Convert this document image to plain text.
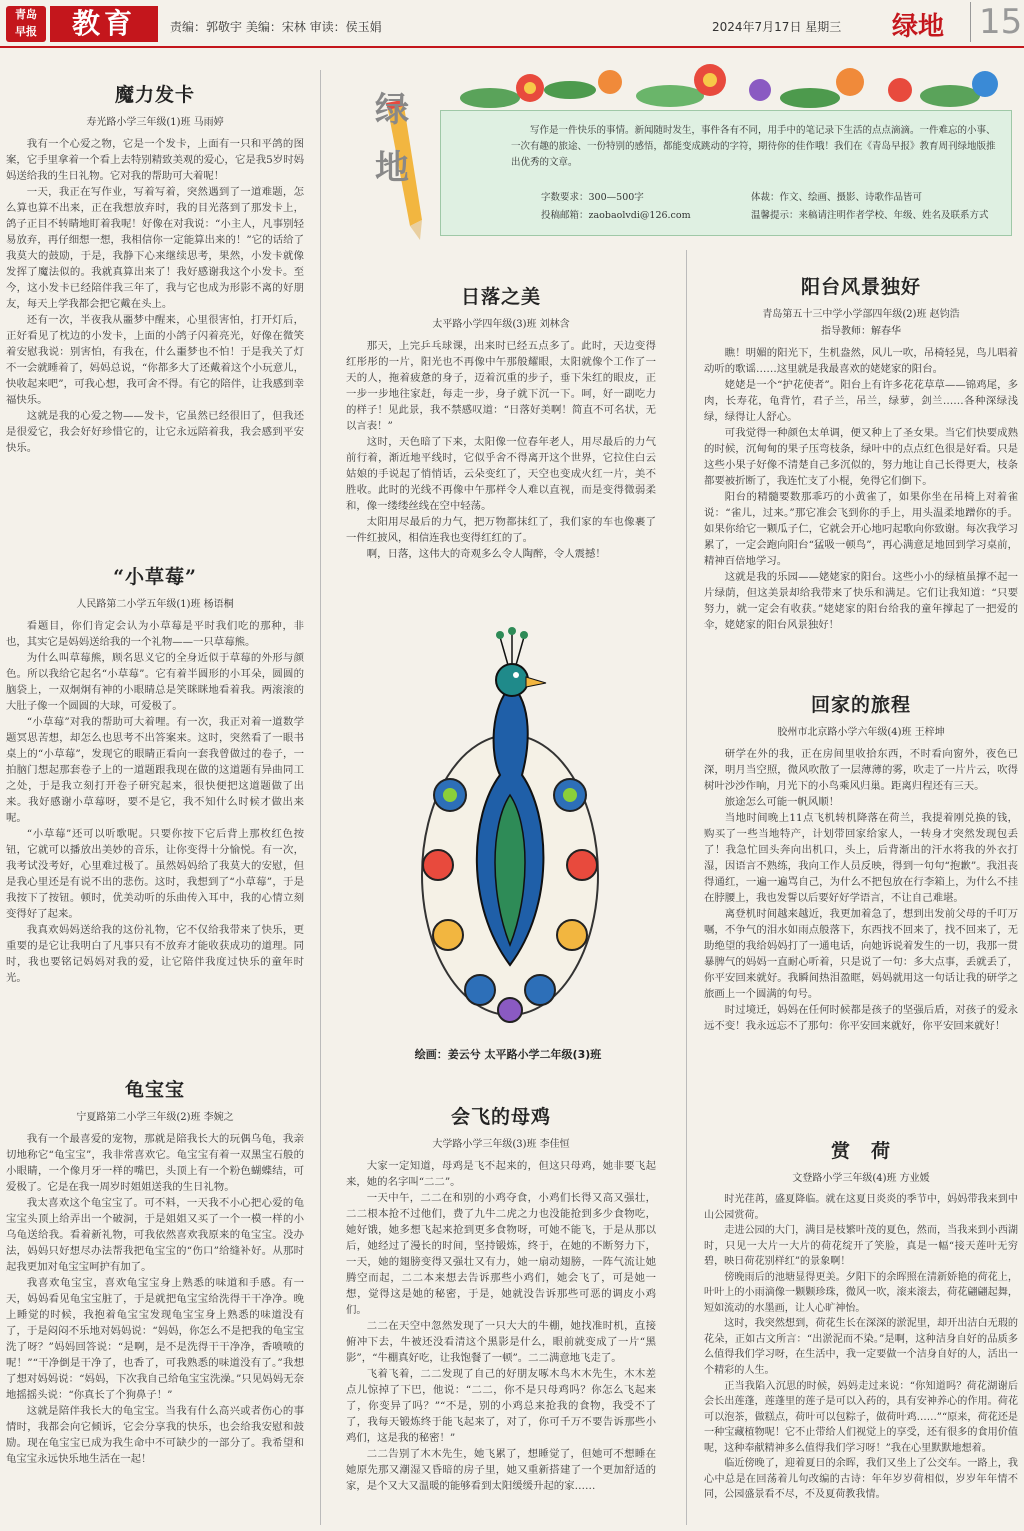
青岛
早报	教育	责编：郭敬宇 美编：宋林 审读：侯玉娟	2024年7月17日 星期三 绿地 15
魔力发卡
寿光路小学三年级(1)班 马雨婷

我有一个心爱之物，它是一个发卡，上面有一只和平鸽的图案，它手里拿着一个看上去特别精致美观的爱心，它是我5岁时妈妈送给我的生日礼物。它对我的帮助可大着呢！

一天，我正在写作业，写着写着，突然遇到了一道难题，怎么算也算不出来，正在我想放弃时，我的目光落到了那发卡上，鸽子正目不转睛地盯着我呢！好像在对我说：“小主人，凡事别轻易放弃，再仔细想一想，我相信你一定能算出来的！”它的话给了我莫大的鼓励，于是，我静下心来继续思考，果然，小发卡就像发挥了魔法似的。我就真算出来了！我好感谢我这个小发卡。至今，这小发卡已经陪伴我三年了，我与它也成为形影不离的好朋友，每天上学我都会把它戴在头上。

还有一次，半夜我从噩梦中醒来，心里很害怕，打开灯后，正好看见了枕边的小发卡，上面的小鸽子闪着亮光，好像在微笑着安慰我说：别害怕，有我在，什么噩梦也不怕！于是我关了灯不一会就睡着了，妈妈总说，“你都多大了还戴着这个小玩意儿，快收起来吧”，可我心想，我可舍不得。有它的陪伴，让我感到幸福快乐。

这就是我的心爱之物——发卡，它虽然已经很旧了，但我还是很爱它，我会好好珍惜它的，让它永远陪着我，我会感到平安快乐。

“小草莓”
人民路第二小学五年级(1)班 杨语桐

看题目，你们肯定会认为小草莓是平时我们吃的那种，非也，其实它是妈妈送给我的一个礼物——一只草莓熊。

为什么叫草莓熊，顾名思义它的全身近似于草莓的外形与颜色。所以我给它起名“小草莓”。它有着半圆形的小耳朵，圆圆的脑袋上，一双炯炯有神的小眼睛总是笑眯眯地看着我。两滚滚的大肚子像一个圆圆的大球，可爱极了。

“小草莓”对我的帮助可大着哩。有一次，我正对着一道数学题冥思苦想，却怎么也思考不出答案来。这时，突然看了一眼书桌上的“小草莓”，发现它的眼睛正看向一套我曾做过的卷子，一拍脑门想起那套卷子上的一道题跟我现在做的这道题有异曲同工之处，于是我立刻打开卷子研究起来，很快便把这道题做了出来。我好感谢小草莓呀，要不是它，我不知什么时候才做出来呢。

“小草莓”还可以听歌呢。只要你按下它后背上那枚红色按钮，它就可以播放出美妙的音乐，让你变得十分愉悦。有一次，我考试没考好，心里难过极了。虽然妈妈给了我莫大的安慰，但是我心里还是有说不出的悲伤。这时，我想到了“小草莓”，于是我按下了按钮。顿时，优美动听的乐曲传入耳中，我的心情立刻变得好了起来。

我真欢妈妈送给我的这份礼物，它不仅给我带来了快乐，更重要的是它让我明白了凡事只有不放弃才能收获成功的道理。同时，我也要铭记妈妈对我的爱，让它陪伴我度过快乐的童年时光。

龟宝宝
宁夏路第二小学三年级(2)班 李婉之

我有一个最喜爱的宠物，那就是陪我长大的玩偶乌龟，我亲切地称它“龟宝宝”，我非常喜欢它。龟宝宝有着一双黑宝石般的小眼睛，一个像月牙一样的嘴巴，头顶上有一个粉色蝴蝶结，可爱极了。它是在我一周岁时姐姐送我的生日礼物。

我太喜欢这个龟宝宝了。可不料，一天我不小心把心爱的龟宝宝头顶上给弄出一个破洞，于是姐姐又买了一个一模一样的小乌龟送给我。看着新礼物，可我依然喜欢我原来的龟宝宝。没办法，妈妈只好想尽办法帮我把龟宝宝的“伤口”给缝补好。从那时起我更加对龟宝宝呵护有加了。

我喜欢龟宝宝，喜欢龟宝宝身上熟悉的味道和手感。有一天，妈妈看见龟宝宝脏了，于是就把龟宝宝给洗得干干净净。晚上睡觉的时候，我抱着龟宝宝发现龟宝宝身上熟悉的味道没有了，于是闷闷不乐地对妈妈说：“妈妈，你怎么不是把我的龟宝宝洗了呀？”妈妈回答说：“是啊，是不是洗得干干净净，香喷喷的呢！”“干净倒是干净了，也香了，可我熟悉的味道没有了。”我想了想对妈妈说：“妈妈，下次我自己给龟宝宝洗澡。”只见妈妈无奈地摇摇头说：“你真长了个狗鼻子！”

这就是陪伴我长大的龟宝宝。当我有什么高兴或者伤心的事情时，我都会向它倾诉，它会分享我的快乐，也会给我安慰和鼓励。现在龟宝宝已成为我生命中不可缺少的一部分了。我希望和龟宝宝永远快乐地生活在一起！

绿
地
写作是一件快乐的事情。新闻随时发生，事件各有不同，用手中的笔记录下生活的点点滴滴。一件难忘的小事、一次有趣的旅途、一份特别的感悟，都能变成跳动的字符，期待你的佳作哦！我们在《青岛早报》教育周刊绿地版推出优秀的文章。
字数要求：300—500字	体裁：作文、绘画、摄影、诗歌作品皆可
投稿邮箱：zaobaolvdi@126.com	温馨提示：来稿请注明作者学校、年级、姓名及联系方式
日落之美
太平路小学四年级(3)班 刘林含

那天，上完乒乓球课，出来时已经五点多了。此时，天边变得红彤彤的一片，阳光也不再像中午那般耀眼，太阳就像个工作了一天的人，拖着疲惫的身子，迈着沉重的步子，垂下朱红的眼皮，正一步一步地往家赶，每走一步，身子就下沉一下。呵，好一副吃力的样子！见此景，我不禁感叹道：“日落好美啊！简直不可名状，无以言表！”

这时，天色暗了下来，太阳像一位春年老人，用尽最后的力气前行着，渐近地平线时，它似乎舍不得离开这个世界，它拉住白云姑娘的手说起了悄悄话，云朵变红了，天空也变成火红一片，美不胜收。此时的光线不再像中午那样令人难以直视，而是变得微弱柔和，像一缕缕丝线在空中轻荡。

太阳用尽最后的力气，把万物都抹红了，我们家的车也像裹了一件红披风，相信连我也变得红红的了。

啊，日落，这伟大的奇观多么令人陶醉，令人震撼！

绘画：姜云兮 太平路小学二年级(3)班
会飞的母鸡
大学路小学三年级(3)班 李佳恒

大家一定知道，母鸡是飞不起来的，但这只母鸡，她非要飞起来，她的名字叫“二二”。

一天中午，二二在和别的小鸡夺食，小鸡们长得又高又强壮，二二根本抢不过他们，费了九牛二虎之力也没能抢到多少食物吃，她好饿，她多想飞起来抢到更多食物呀，可她不能飞，于是从那以后，她经过了漫长的时间，坚持锻炼，终于，在她的不断努力下，一天，她的翅膀变得又强壮又有力，她一扇动翅膀，一阵气流让她腾空而起，二二本来想去告诉那些小鸡们，她会飞了，可是她一想，觉得这是她的秘密，于是，她就没告诉那些可恶的调皮小鸡们。

二二在天空中忽然发现了一只大大的牛棚，她找准时机，直接俯冲下去，牛被还没看清这个黑影是什么，眼前就变成了一片“黑影”，“牛棚真好吃，让我饱餐了一顿”。二二满意地飞走了。

飞着飞着，二二发现了自己的好朋友啄木鸟木木先生，木木差点儿惊掉了下巴，他说：“二二，你不是只母鸡吗？你怎么飞起来了，你变异了吗？”“不是，别的小鸡总来抢我的食物，我受不了了，我每天锻炼终于能飞起来了，对了，你可千万不要告诉那些小鸡们，这是我的秘密！”

二二告别了木木先生，她飞累了，想睡觉了，但她可不想睡在她原先那又潮湿又昏暗的房子里，她又重新搭建了一个更加舒适的家，是个又大又温暖的能够看到太阳缓缓升起的家……

阳台风景独好
青岛第五十三中学小学部四年级(2)班 赵钧浩
指导教师：解春华

瞧！明媚的阳光下，生机盎然，风儿一吹，吊椅轻晃，鸟儿唱着动听的歌谣……这里就是我最喜欢的姥姥家的阳台。

姥姥是一个“护花使者”。阳台上有许多花花草草——锦鸡尾，多肉，长寿花，龟背竹，君子兰，吊兰，绿萝，剑兰……各种深绿浅绿，绿得让人舒心。

可我觉得一种颜色太单调，便又种上了圣女果。当它们快要成熟的时候，沉甸甸的果子压弯枝条，绿叶中的点点红色很是好看。只是这些小果子好像不清楚自己多沉似的，努力地让自己长得更大，枝条都要被折断了，我连忙支了小棍，免得它们倒下。

阳台的精髓要数那乖巧的小黄雀了，如果你坐在吊椅上对着雀说：“雀儿，过来。”那它准会飞到你的手上，用头温柔地蹭你的手。如果你给它一颗瓜子仁，它就会开心地叼起歌向你致谢。每次我学习累了，一定会跑向阳台“猛吸一顿鸟”，再心满意足地回到学习桌前，精神百倍地学习。

这就是我的乐园——姥姥家的阳台。这些小小的绿植虽撑不起一片绿荫，但这美景却给我带来了快乐和满足。它们让我知道：“只要努力，就一定会有收获。”姥姥家的阳台给我的童年撑起了一把爱的伞，姥姥家的阳台风景独好！

回家的旅程
胶州市北京路小学六年级(4)班 王梓坤

研学在外的我，正在房间里收拾东西，不时看向窗外，夜色已深，明月当空照，微风吹散了一层薄薄的雾，吹走了一片片云，吹得树叶沙沙作响，月光下的小鸟乘风归巢。距离归程还有三天。

旅途怎么可能一帆风顺！

当地时间晚上11点飞机转机降落在荷兰，我提着刚兑换的钱，购买了一些当地特产，计划带回家给家人，一转身才突然发现包丢了！我急忙回头奔向出机口，头上，后背渐出的汗水将我的外衣打湿，因语言不熟练，我向工作人员反映，得到一句句“抱歉”。我沮丧得通红，一遍一遍骂自己，为什么不把包放在行李箱上，为什么不挂在脖腰上，我也发誓以后要好好学语言，不让自己难堪。

离登机时间越来越近，我更加着急了，想到出发前父母的千叮万嘱，不争气的泪水如雨点般落下，东西找不回来了，找不回来了，无助绝望的我给妈妈打了一通电话，向她诉说着发生的一切，我那一贯暴脾气的妈妈一直耐心听着，只是说了一句：多大点事，丢就丢了，你平安回来就好。我瞬间热泪盈眶，妈妈就用这一句话让我的研学之旅画上一个圆满的句号。

时过境迁，妈妈在任何时候都是孩子的坚强后盾，对孩子的爱永远不变！我永远忘不了那句：你平安回来就好，你平安回来就好！

赏　荷
文登路小学三年级(4)班 方业媛

时光荏苒，盛夏降临。就在这夏日炎炎的季节中，妈妈带我来到中山公园赏荷。

走进公园的大门，满目是枝繁叶茂的夏色，然而，当我来到小西湖时，只见一大片一大片的荷花绽开了笑脸，真是一幅“接天莲叶无穷碧，映日荷花别样红”的景象啊！

傍晚雨后的池塘显得更美。夕阳下的余晖照在清新娇艳的荷花上，叶叶上的小雨滴像一颗颗珍珠，微风一吹，滚来滚去，荷花翩翩起舞，短如流动的水墨画，让人心旷神怡。

这时，我突然想到，荷花生长在深深的淤泥里，却开出洁白无瑕的花朵，正如古文所言：“出淤泥而不染。”是啊，这种洁身自好的品质多么值得我们学习呀，在生活中，我一定要做一个洁身自好的人，活出一个精彩的人生。

正当我陷入沉思的时候，妈妈走过来说：“你知道吗？荷花湖谢后会长出莲蓬，莲蓬里的莲子是可以入药的，具有安神养心的作用。荷花可以泡茶，做糕点，荷叶可以包粽子，做荷叶鸡……”“原来，荷花还是一种宝藏植物呢！它不止带给人们视觉上的享受，还有很多的食用价值呢，这种奉献精神多么值得我们学习呀！”我在心里默默地想着。

临近傍晚了，迎着夏日的余晖，我们又坐上了公交车。一路上，我心中总是在回荡着儿句改编的古诗：年年岁岁荷相似，岁岁年年情不同，公园盛景看不尽，不及夏荷教我情。
